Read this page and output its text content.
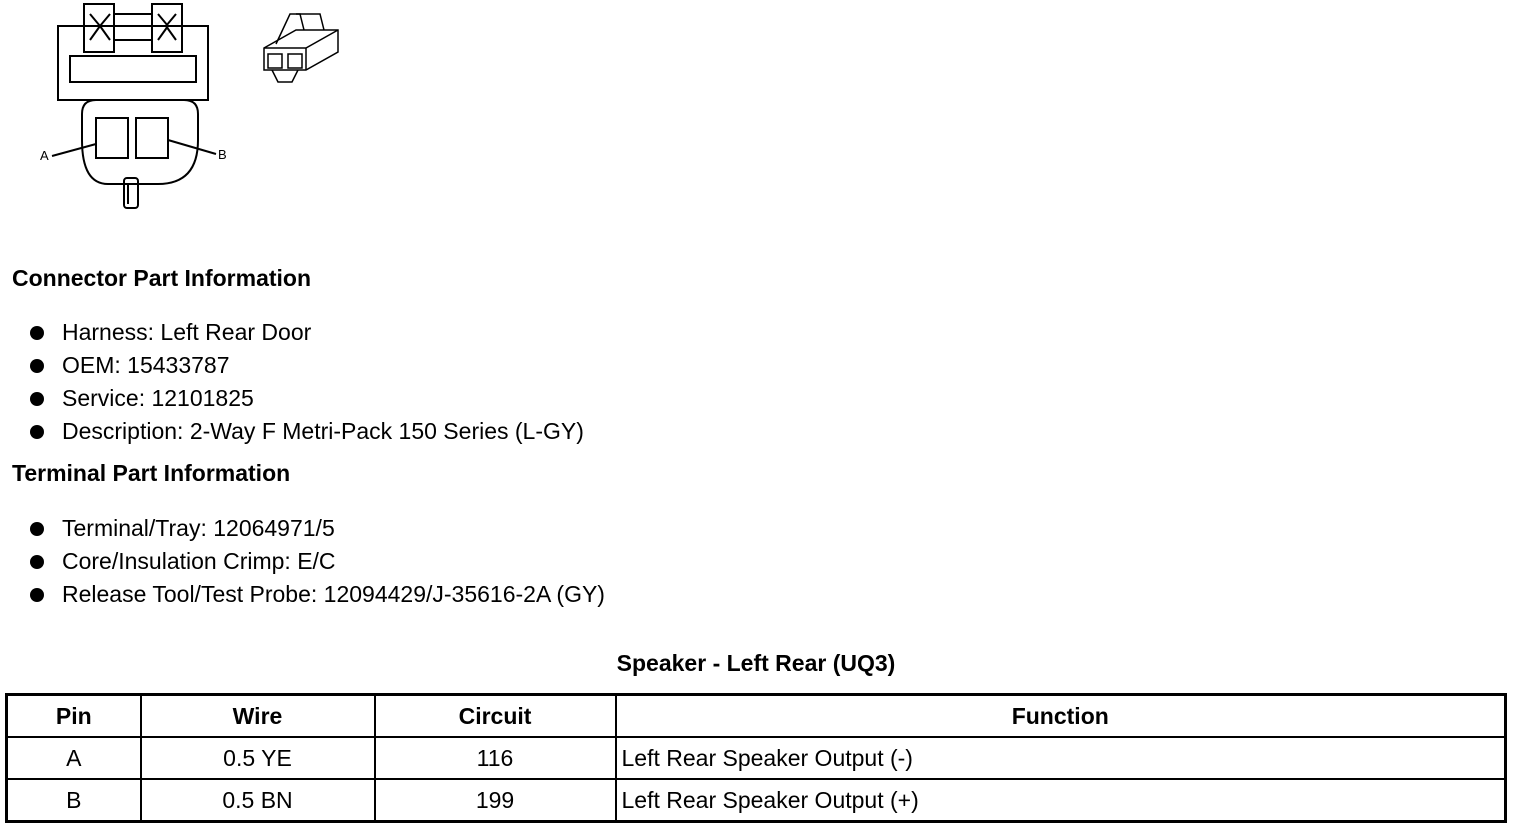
A	B
Connector Part Information
Harness: Left Rear Door
OEM: 15433787
Service: 12101825
Description: 2-Way F Metri-Pack 150 Series (L-GY)
Terminal Part Information
Terminal/Tray: 12064971/5
Core/Insulation Crimp: E/C
Release Tool/Test Probe: 12094429/J-35616-2A (GY)
Speaker - Left Rear (UQ3)
Pin	Wire	Circuit	Function
A	0.5 YE	116	Left Rear Speaker Output (-)
B	0.5 BN	199	Left Rear Speaker Output (+)
